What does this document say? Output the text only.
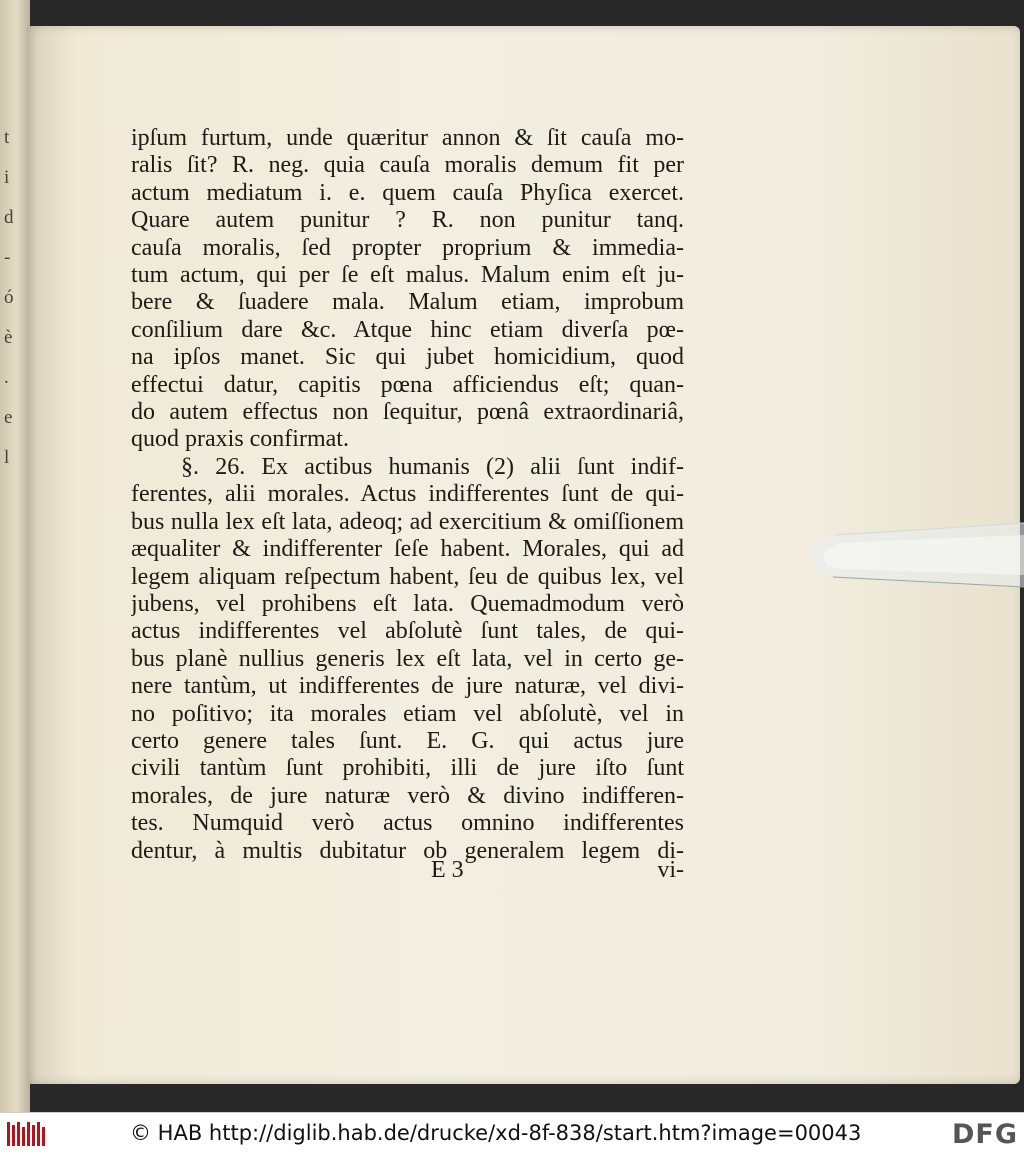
t
i
d
-
ó
è
.
e
l
ipſum furtum, unde quæritur annon & ſit cauſa mo-
ralis ſit? R. neg. quia cauſa moralis demum fit per
actum mediatum i. e. quem cauſa Phyſica exercet.
Quare autem punitur ? R. non punitur tanq.
cauſa moralis, ſed propter proprium & immedia-
tum actum, qui per ſe eſt malus. Malum enim eſt ju-
bere & ſuadere mala. Malum etiam, improbum
conſilium dare &c. Atque hinc etiam diverſa pœ-
na ipſos manet. Sic qui jubet homicidium, quod
effectui datur, capitis pœna afficiendus eſt; quan-
do autem effectus non ſequitur, pœnâ extraordinariâ,
quod praxis confirmat.
§. 26. Ex actibus humanis (2) alii ſunt indif-
ferentes, alii morales. Actus indifferentes ſunt de qui-
bus nulla lex eſt lata, adeoq; ad exercitium & omiſſionem
æqualiter & indifferenter ſeſe habent. Morales, qui ad
legem aliquam reſpectum habent, ſeu de quibus lex, vel
jubens, vel prohibens eſt lata. Quemadmodum verò
actus indifferentes vel abſolutè ſunt tales, de qui-
bus planè nullius generis lex eſt lata, vel in certo ge-
nere tantùm, ut indifferentes de jure naturæ, vel divi-
no poſitivo; ita morales etiam vel abſolutè, vel in
certo genere tales ſunt. E. G. qui actus jure
civili tantùm ſunt prohibiti, illi de jure iſto ſunt
morales, de jure naturæ verò & divino indifferen-
tes. Numquid verò actus omnino indifferentes
dentur, à multis dubitatur ob generalem legem di-
E 3	vi-
© HAB http://diglib.hab.de/drucke/xd-8f-838/start.htm?image=00043	DFG
